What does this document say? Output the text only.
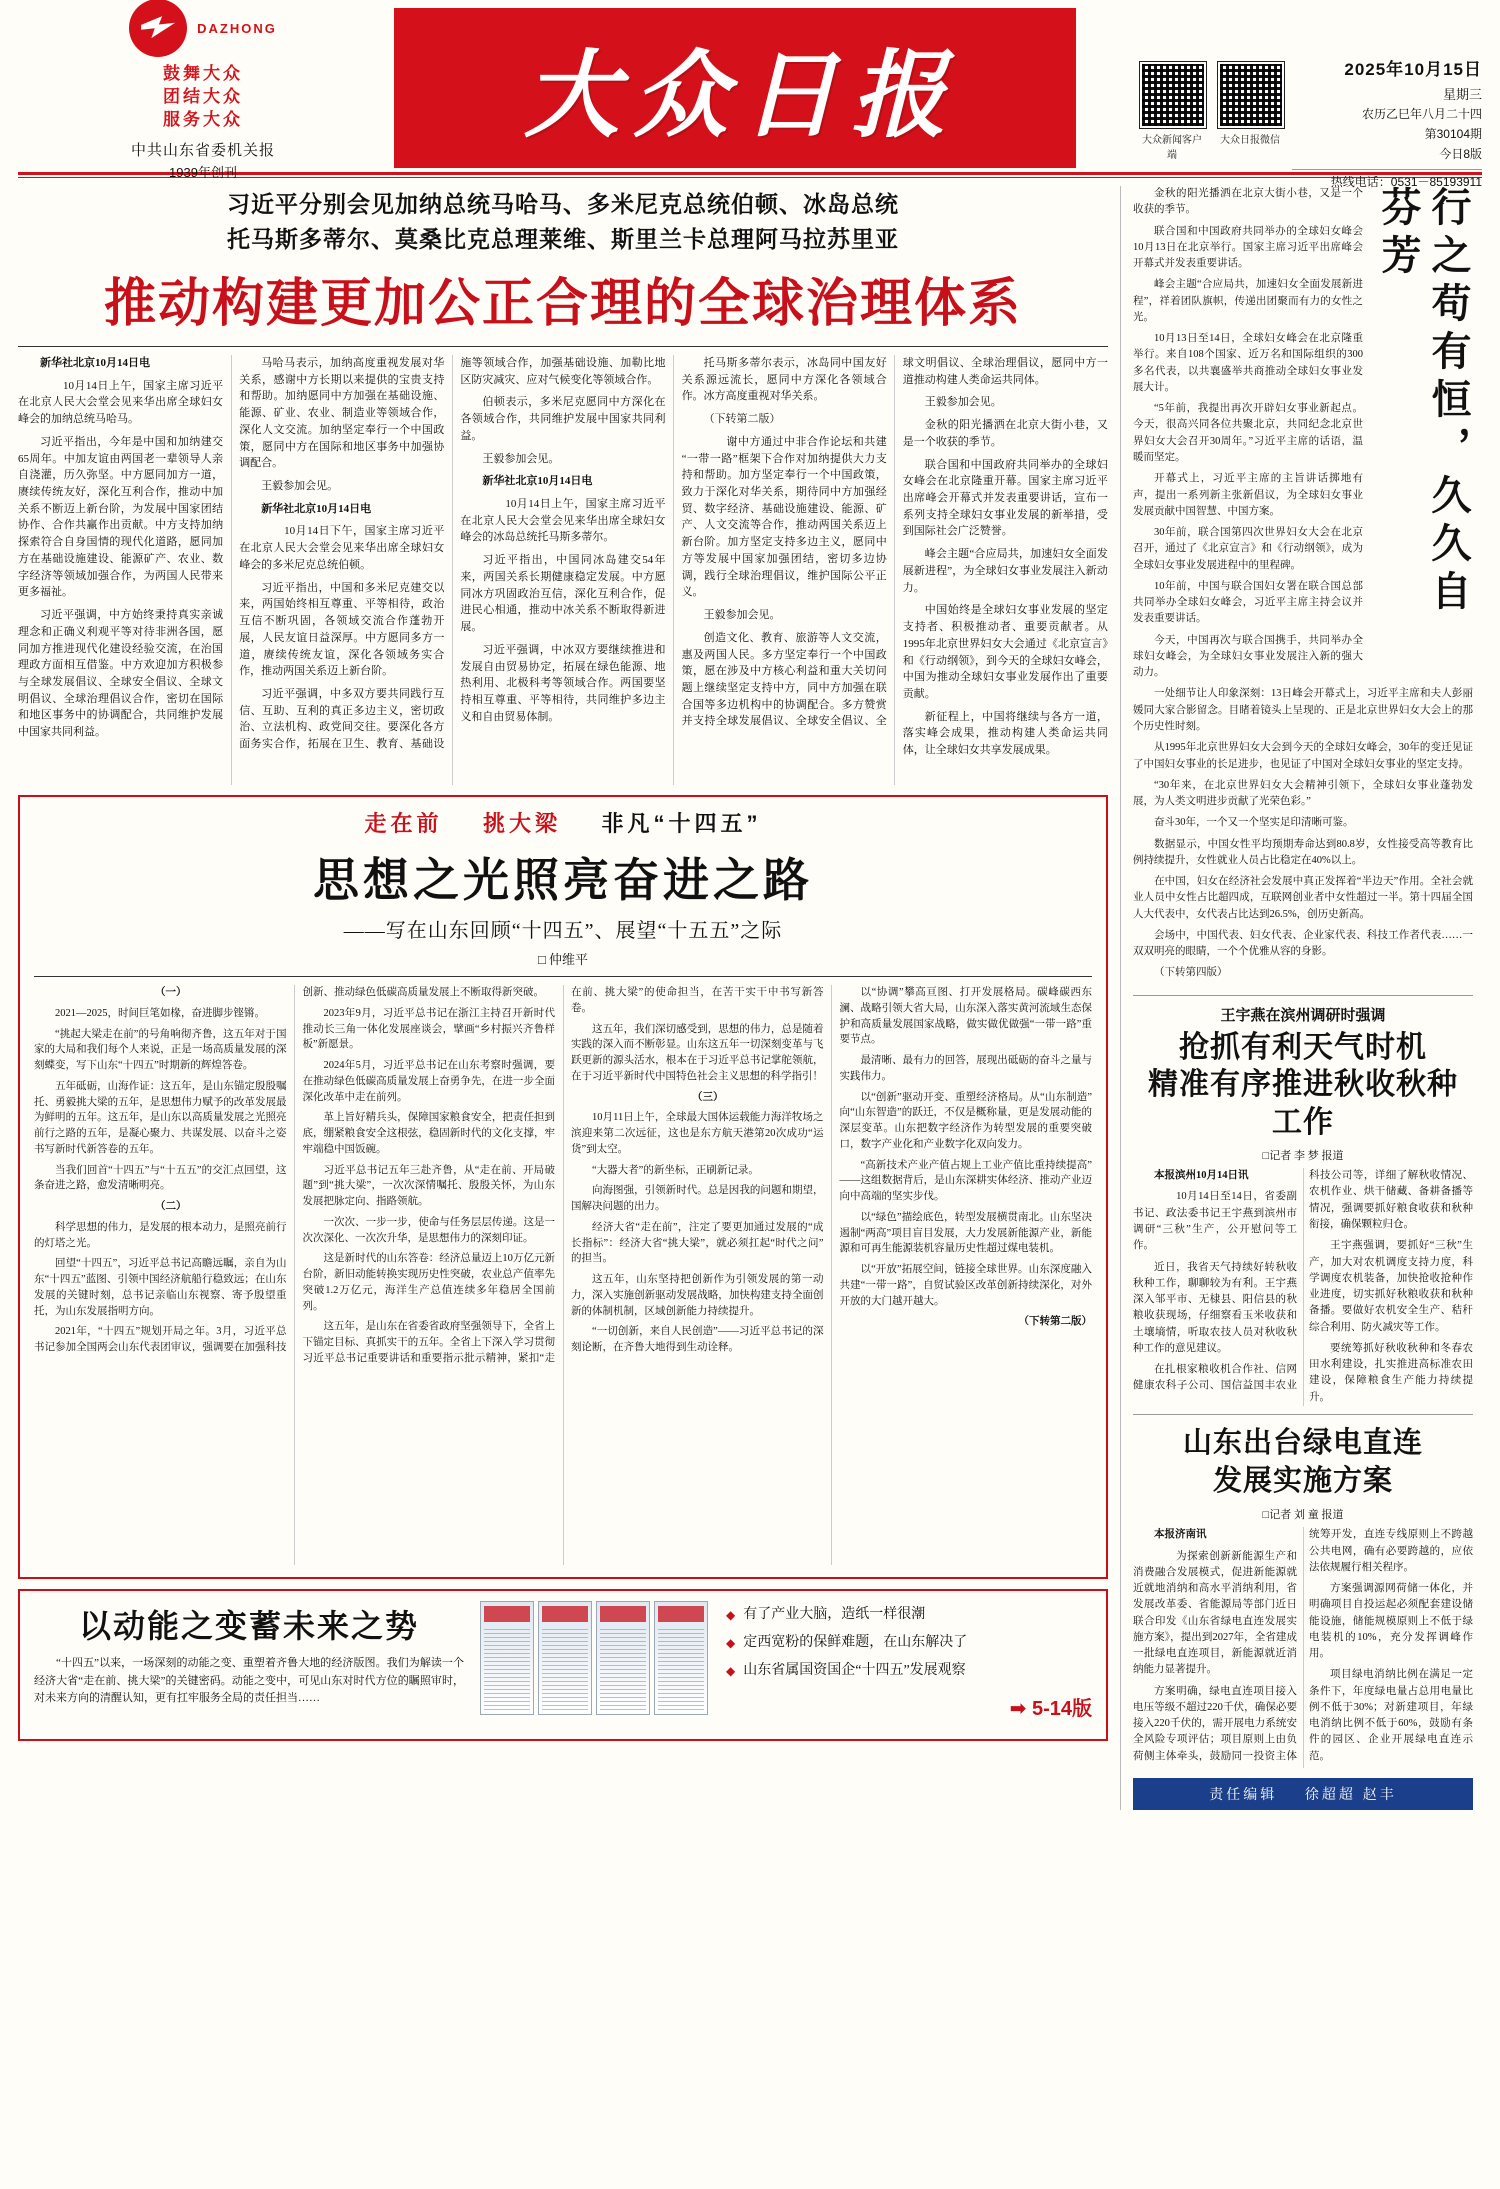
DAZHONG
鼓舞大众
团结大众
服务大众
中共山东省委机关报
1939年创刊
大众日报	大众新闻客户端
大众日报微信
2025年10月15日
星期三
农历乙巳年八月二十四
第30104期
今日8版
热线电话：0531－85193911
习近平分别会见加纳总统马哈马、多米尼克总统伯顿、冰岛总统
托马斯多蒂尔、莫桑比克总理莱维、斯里兰卡总理阿马拉苏里亚
推动构建更加公正合理的全球治理体系

新华社北京10月14日电

　　10月14日上午，国家主席习近平在北京人民大会堂会见来华出席全球妇女峰会的加纳总统马哈马。

习近平指出，今年是中国和加纳建交65周年。中加友谊由两国老一辈领导人亲自浇灌，历久弥坚。中方愿同加方一道，赓续传统友好，深化互利合作，推动中加关系不断迈上新台阶，为发展中国家团结协作、合作共赢作出贡献。中方支持加纳探索符合自身国情的现代化道路，愿同加方在基础设施建设、能源矿产、农业、数字经济等领域加强合作，为两国人民带来更多福祉。

习近平强调，中方始终秉持真实亲诚理念和正确义利观平等对待非洲各国，愿同加方推进现代化建设经验交流，在治国理政方面相互借鉴。中方欢迎加方积极参与全球发展倡议、全球安全倡议、全球文明倡议、全球治理倡议合作，密切在国际和地区事务中的协调配合，共同维护发展中国家共同利益。

马哈马表示，加纳高度重视发展对华关系，感谢中方长期以来提供的宝贵支持和帮助。加纳愿同中方加强在基础设施、能源、矿业、农业、制造业等领域合作，深化人文交流。加纳坚定奉行一个中国政策，愿同中方在国际和地区事务中加强协调配合。

王毅参加会见。

新华社北京10月14日电

　　10月14日下午，国家主席习近平在北京人民大会堂会见来华出席全球妇女峰会的多米尼克总统伯顿。

习近平指出，中国和多米尼克建交以来，两国始终相互尊重、平等相待，政治互信不断巩固，各领域交流合作蓬勃开展，人民友谊日益深厚。中方愿同多方一道，赓续传统友谊，深化各领域务实合作，推动两国关系迈上新台阶。

习近平强调，中多双方要共同践行互信、互助、互利的真正多边主义，密切政治、立法机构、政党间交往。要深化各方面务实合作，拓展在卫生、教育、基础设施等领域合作，加强基础设施、加勒比地区防灾减灾、应对气候变化等领域合作。

伯顿表示，多米尼克愿同中方深化在各领域合作，共同维护发展中国家共同利益。

王毅参加会见。

新华社北京10月14日电

　　10月14日上午，国家主席习近平在北京人民大会堂会见来华出席全球妇女峰会的冰岛总统托马斯多蒂尔。

习近平指出，中国同冰岛建交54年来，两国关系长期健康稳定发展。中方愿同冰方巩固政治互信，深化互利合作，促进民心相通，推动中冰关系不断取得新进展。

习近平强调，中冰双方要继续推进和发展自由贸易协定，拓展在绿色能源、地热利用、北极科考等领域合作。两国要坚持相互尊重、平等相待，共同维护多边主义和自由贸易体制。

托马斯多蒂尔表示，冰岛同中国友好关系源远流长，愿同中方深化各领域合作。冰方高度重视对华关系。

（下转第二版）

　　谢中方通过中非合作论坛和共建“一带一路”框架下合作对加纳提供大力支持和帮助。加方坚定奉行一个中国政策，致力于深化对华关系，期待同中方加强经贸、数字经济、基础设施建设、能源、矿产、人文交流等合作，推动两国关系迈上新台阶。加方坚定支持多边主义，愿同中方等发展中国家加强团结，密切多边协调，践行全球治理倡议，维护国际公平正义。

王毅参加会见。

创造文化、教育、旅游等人文交流，惠及两国人民。多方坚定奉行一个中国政策，愿在涉及中方核心利益和重大关切问题上继续坚定支持中方，同中方加强在联合国等多边机构中的协调配合。多方赞赏并支持全球发展倡议、全球安全倡议、全球文明倡议、全球治理倡议，愿同中方一道推动构建人类命运共同体。

王毅参加会见。

金秋的阳光播洒在北京大街小巷，又是一个收获的季节。

联合国和中国政府共同举办的全球妇女峰会在北京隆重开幕。国家主席习近平出席峰会开幕式并发表重要讲话，宣布一系列支持全球妇女事业发展的新举措，受到国际社会广泛赞誉。

峰会主题“合应局共，加速妇女全面发展新进程”，为全球妇女事业发展注入新动力。

中国始终是全球妇女事业发展的坚定支持者、积极推动者、重要贡献者。从1995年北京世界妇女大会通过《北京宣言》和《行动纲领》，到今天的全球妇女峰会，中国为推动全球妇女事业发展作出了重要贡献。

新征程上，中国将继续与各方一道，落实峰会成果，推动构建人类命运共同体，让全球妇女共享发展成果。

走在前 挑大梁 非凡“十四五”
思想之光照亮奋进之路
——写在山东回顾“十四五”、展望“十五五”之际
□ 仲维平

（一）

2021—2025，时间巨笔如椽，奋进脚步铿锵。

“挑起大梁走在前”的号角响彻齐鲁，这五年对于国家的大局和我们每个人来说，正是一场高质量发展的深刻蝶变，写下山东“十四五”时期新的辉煌答卷。

五年砥砺，山海作证：这五年，是山东锚定殷殷嘱托、勇毅挑大梁的五年，是思想伟力赋予的改革发展最为鲜明的五年。这五年，是山东以高质量发展之光照亮前行之路的五年，是凝心聚力、共谋发展、以奋斗之姿书写新时代新答卷的五年。

当我们回首“十四五”与“十五五”的交汇点回望，这条奋进之路，愈发清晰明亮。

（二）

科学思想的伟力，是发展的根本动力，是照亮前行的灯塔之光。

回望“十四五”，习近平总书记高瞻远瞩，亲自为山东“十四五”蓝图、引领中国经济航船行稳致远；在山东发展的关键时刻，总书记亲临山东视察、寄予殷望重托，为山东发展指明方向。

2021年，“十四五”规划开局之年。3月，习近平总书记参加全国两会山东代表团审议，强调要在加强科技创新、推动绿色低碳高质量发展上不断取得新突破。

2023年9月，习近平总书记在浙江主持召开新时代推动长三角一体化发展座谈会，擘画“乡村振兴齐鲁样板”新愿景。

2024年5月，习近平总书记在山东考察时强调，要在推动绿色低碳高质量发展上奋勇争先，在进一步全面深化改革中走在前列。

革上旨好精兵头，保障国家粮食安全，把责任担到底，绷紧粮食安全这根弦，稳固新时代的文化支撑，牢牢端稳中国饭碗。

习近平总书记五年三赴齐鲁，从“走在前、开局破题”到“挑大梁”，一次次深情嘱托、殷殷关怀，为山东发展把脉定向、指路领航。

一次次、一步一步，使命与任务层层传递。这是一次次深化、一次次升华，是思想伟力的深刻印证。

这是新时代的山东答卷：经济总量迈上10万亿元新台阶，新旧动能转换实现历史性突破，农业总产值率先突破1.2万亿元，海洋生产总值连续多年稳居全国前列。

这五年，是山东在省委省政府坚强领导下，全省上下锚定目标、真抓实干的五年。全省上下深入学习贯彻习近平总书记重要讲话和重要指示批示精神，紧扣“走在前、挑大梁”的使命担当，在苦干实干中书写新答卷。

这五年，我们深切感受到，思想的伟力，总是随着实践的深入而不断彰显。山东这五年一切深刻变革与飞跃更新的源头活水，根本在于习近平总书记掌舵领航，在于习近平新时代中国特色社会主义思想的科学指引！

（三）

10月11日上午，全球最大国体运载能力海洋牧场之滨迎来第二次远征，这也是东方航天港第20次成功“运货”到太空。

“大器大者”的新坐标，正刷新记录。

向海图强，引领新时代。总是因我的问题和期望，国解决问题的出力。

经济大省“走在前”，注定了要更加通过发展的“成长指标”：经济大省“挑大梁”，就必须扛起“时代之问”的担当。

这五年，山东坚持把创新作为引领发展的第一动力，深入实施创新驱动发展战略，加快构建支持全面创新的体制机制，区域创新能力持续提升。

“一切创新，来自人民创造”——习近平总书记的深刻论断，在齐鲁大地得到生动诠释。

以“协调”攀高亘图、打开发展格局。碳峰碳西东澜、战略引领大省大局，山东深入落实黄河流域生态保护和高质量发展国家战略，做实做优做强“一带一路”重要节点。

最清晰、最有力的回答，展现出砥砺的奋斗之量与实践伟力。

以“创新”驱动开变、重塑经济格局。从“山东制造”向“山东智造”的跃迁，不仅是概称量，更是发展动能的深层变革。山东把数字经济作为转型发展的重要突破口，数字产业化和产业数字化双向发力。

“高新技术产业产值占规上工业产值比重持续提高”——这组数据背后，是山东深耕实体经济、推动产业迈向中高端的坚实步伐。

以“绿色”描绘底色，转型发展横贯南北。山东坚决遏制“两高”项目盲目发展，大力发展新能源产业，新能源和可再生能源装机容量历史性超过煤电装机。

以“开放”拓展空间，链接全球世界。山东深度融入共建“一带一路”，自贸试验区改革创新持续深化，对外开放的大门越开越大。

（下转第二版）

以动能之变蓄未来之势
“十四五”以来，一场深刻的动能之变、重塑着齐鲁大地的经济版图。我们为解读一个经济大省“走在前、挑大梁”的关键密码。动能之变中，可见山东对时代方位的瞩照审时，对未来方向的清醒认知，更有扛牢服务全局的责任担当……
◆ 有了产业大脑，造纸一样很潮
◆ 定西宽粉的保鲜难题，在山东解决了
◆ 山东省属国资国企“十四五”发展观察
➡ 5-14版
行之苟有恒，久久自芬芳

金秋的阳光播洒在北京大街小巷，又是一个收获的季节。

联合国和中国政府共同举办的全球妇女峰会10月13日在北京举行。国家主席习近平出席峰会开幕式并发表重要讲话。

峰会主题“合应局共，加速妇女全面发展新进程”，祥着团队旗帜，传递出团聚而有力的女性之光。

10月13日至14日，全球妇女峰会在北京隆重举行。来自108个国家、近万名和国际组织的300多名代表，以共襄盛举共商推动全球妇女事业发展大计。

“5年前，我提出再次开辟妇女事业新起点。今天，很高兴同各位共聚北京，共同纪念北京世界妇女大会召开30周年。”习近平主席的话语，温暖而坚定。

开幕式上，习近平主席的主旨讲话掷地有声，提出一系列新主张新倡议，为全球妇女事业发展贡献中国智慧、中国方案。

30年前，联合国第四次世界妇女大会在北京召开，通过了《北京宣言》和《行动纲领》，成为全球妇女事业发展进程中的里程碑。

10年前，中国与联合国妇女署在联合国总部共同举办全球妇女峰会，习近平主席主持会议并发表重要讲话。

今天，中国再次与联合国携手，共同举办全球妇女峰会，为全球妇女事业发展注入新的强大动力。

一处细节让人印象深刻：13日峰会开幕式上，习近平主席和夫人彭丽媛同大家合影留念。目睹着镜头上呈现的、正是北京世界妇女大会上的那个历史性时刻。

从1995年北京世界妇女大会到今天的全球妇女峰会，30年的变迁见证了中国妇女事业的长足进步，也见证了中国对全球妇女事业的坚定支持。

“30年来，在北京世界妇女大会精神引领下，全球妇女事业蓬勃发展，为人类文明进步贡献了光荣色彩。”

奋斗30年，一个又一个坚实足印清晰可鉴。

数据显示，中国女性平均预期寿命达到80.8岁，女性接受高等教育比例持续提升，女性就业人员占比稳定在40%以上。

在中国，妇女在经济社会发展中真正发挥着“半边天”作用。全社会就业人员中女性占比超四成，互联网创业者中女性超过一半。第十四届全国人大代表中，女代表占比达到26.5%，创历史新高。

会场中，中国代表、妇女代表、企业家代表、科技工作者代表……一双双明亮的眼睛，一个个优雅从容的身影。

（下转第四版）

王宇燕在滨州调研时强调
抢抓有利天气时机
精准有序推进秋收秋种工作
□记者 李 梦 报道

本报滨州10月14日讯

　　10月14日至14日，省委副书记、政法委书记王宇燕到滨州市调研“三秋”生产，公开慰问等工作。

近日，我省天气持续好转秋收秋种工作，聊聊较为有利。王宇燕深入邹平市、无棣县、阳信县的秋粮收获现场，仔细察看玉米收获和土壤墒情，听取农技人员对秋收秋种工作的意见建议。

在扎根家粮收机合作社、信网健康农科子公司、国信益国丰农业科技公司等，详细了解秋收情况、农机作业、烘干储藏、备耕备播等情况，强调要抓好粮食收获和秋种衔接，确保颗粒归仓。

王宇燕强调，要抓好“三秋”生产，加大对农机调度支持力度，科学调度农机装备，加快抢收抢种作业进度，切实抓好秋粮收获和秋种备播。要做好农机安全生产、秸秆综合利用、防火减灾等工作。

要统筹抓好秋收秋种和冬春农田水利建设，扎实推进高标准农田建设，保障粮食生产能力持续提升。

山东出台绿电直连
发展实施方案
□记者 刘 童 报道

本报济南讯

　　为探索创新新能源生产和消费融合发展模式，促进新能源就近就地消纳和高水平消纳利用，省发展改革委、省能源局等部门近日联合印发《山东省绿电直连发展实施方案》，提出到2027年，全省建成一批绿电直连项目，新能源就近消纳能力显著提升。

方案明确，绿电直连项目接入电压等级不超过220千伏，确保必要接入220千伏的，需开展电力系统安全风险专项评估；项目原则上由负荷侧主体牵头，鼓励同一投资主体统筹开发，直连专线原则上不跨越公共电网，确有必要跨越的，应依法依规履行相关程序。

方案强调源网荷储一体化，并明确项目自投运起必须配套建设储能设施，储能规模原则上不低于绿电装机的10%，充分发挥调峰作用。

项目绿电消纳比例在满足一定条件下，年度绿电量占总用电量比例不低于30%；对新建项目，年绿电消纳比例不低于60%，鼓励有条件的园区、企业开展绿电直连示范。

责任编辑 徐超超 赵丰
